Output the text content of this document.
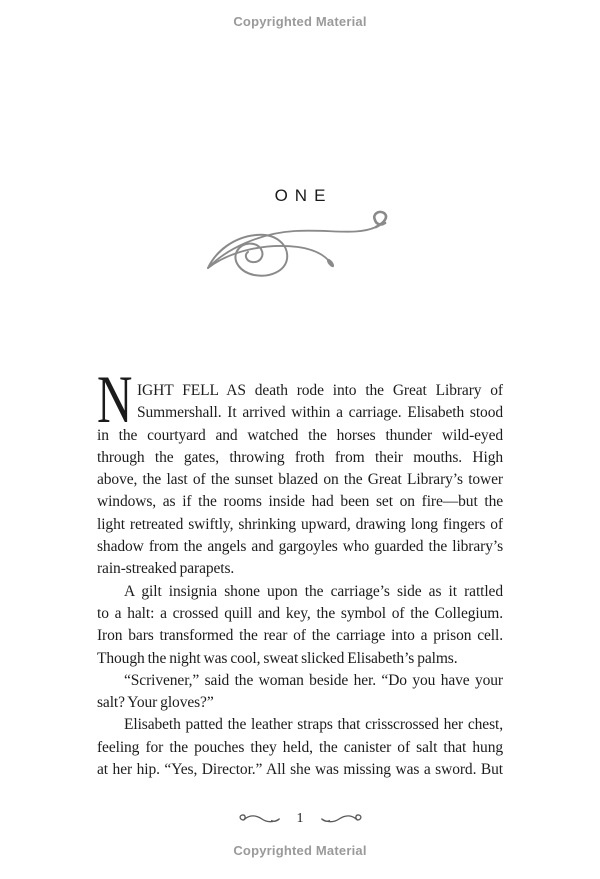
Copyrighted Material
ONE
N IGHT FELL AS death rode into the Great Library of
Summershall. It arrived within a carriage. Elisabeth stood
in the courtyard and watched the horses thunder wild-eyed
through the gates, throwing froth from their mouths. High
above, the last of the sunset blazed on the Great Library’s tower
windows, as if the rooms inside had been set on fire—but the
light retreated swiftly, shrinking upward, drawing long fingers of
shadow from the angels and gargoyles who guarded the library’s
rain-streaked parapets.
A gilt insignia shone upon the carriage’s side as it rattled
to a halt: a crossed quill and key, the symbol of the Collegium.
Iron bars transformed the rear of the carriage into a prison cell.
Though the night was cool, sweat slicked Elisabeth’s palms.
“Scrivener,” said the woman beside her. “Do you have your
salt? Your gloves?”
Elisabeth patted the leather straps that crisscrossed her chest,
feeling for the pouches they held, the canister of salt that hung
at her hip. “Yes, Director.” All she was missing was a sword. But
1
Copyrighted Material
